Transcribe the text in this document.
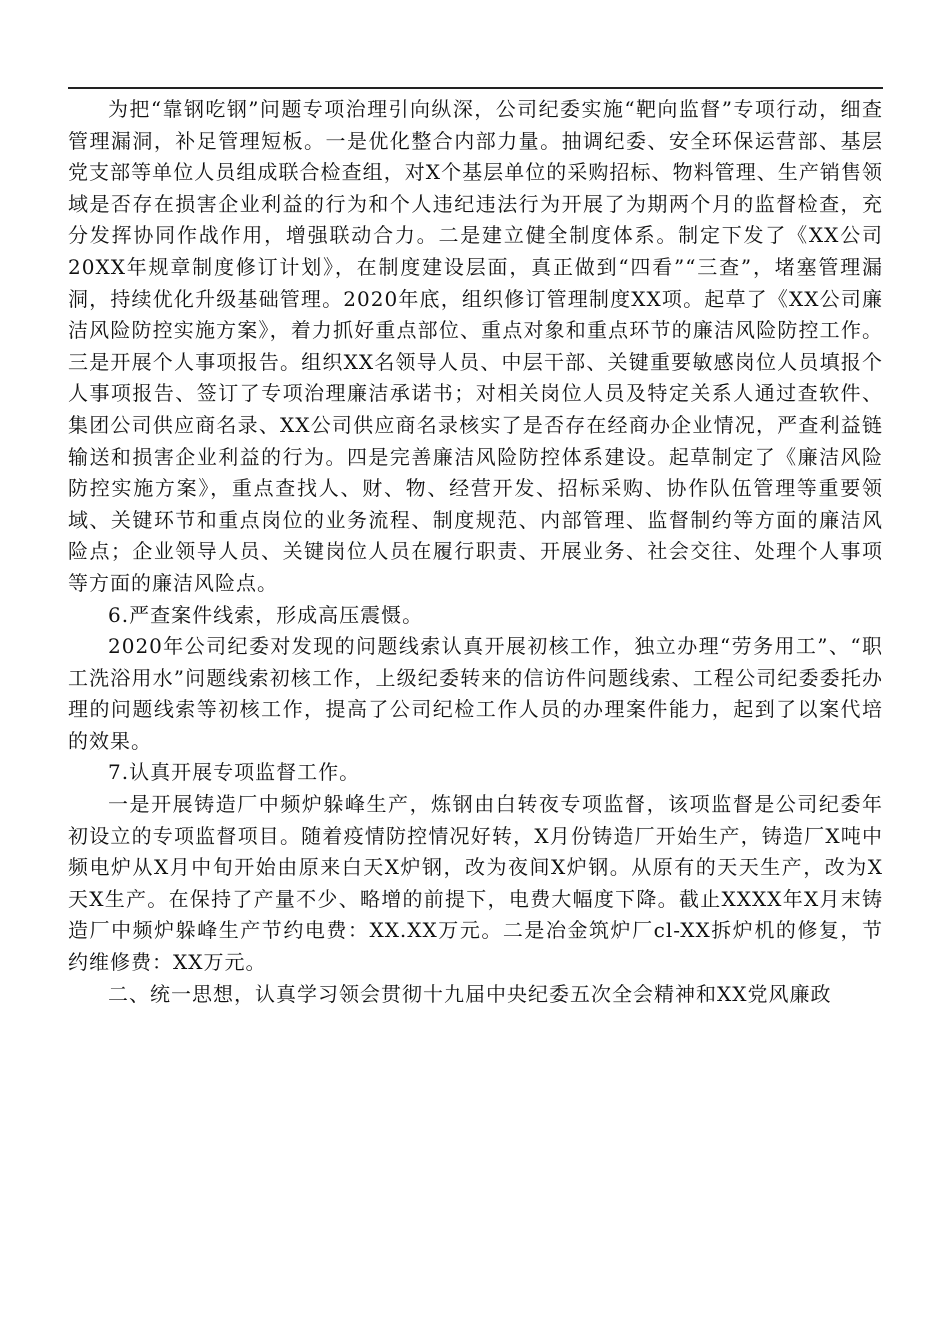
为把“靠钢吃钢”问题专项治理引向纵深，公司纪委实施“靶向监督”专项行动，细查管理漏洞，补足管理短板。一是优化整合内部力量。抽调纪委、安全环保运营部、基层党支部等单位人员组成联合检查组，对X个基层单位的采购招标、物料管理、生产销售领域是否存在损害企业利益的行为和个人违纪违法行为开展了为期两个月的监督检查，充分发挥协同作战作用，增强联动合力。二是建立健全制度体系。制定下发了《XX公司20XX年规章制度修订计划》，在制度建设层面，真正做到“四看”“三查”，堵塞管理漏洞，持续优化升级基础管理。2020年底，组织修订管理制度XX项。起草了《XX公司廉洁风险防控实施方案》，着力抓好重点部位、重点对象和重点环节的廉洁风险防控工作。三是开展个人事项报告。组织XX名领导人员、中层干部、关键重要敏感岗位人员填报个人事项报告、签订了专项治理廉洁承诺书；对相关岗位人员及特定关系人通过查软件、集团公司供应商名录、XX公司供应商名录核实了是否存在经商办企业情况，严查利益链输送和损害企业利益的行为。四是完善廉洁风险防控体系建设。起草制定了《廉洁风险防控实施方案》，重点查找人、财、物、经营开发、招标采购、协作队伍管理等重要领域、关键环节和重点岗位的业务流程、制度规范、内部管理、监督制约等方面的廉洁风险点；企业领导人员、关键岗位人员在履行职责、开展业务、社会交往、处理个人事项等方面的廉洁风险点。

6.严查案件线索，形成高压震慑。

2020年公司纪委对发现的问题线索认真开展初核工作，独立办理“劳务用工”、“职工洗浴用水”问题线索初核工作，上级纪委转来的信访件问题线索、工程公司纪委委托办理的问题线索等初核工作，提高了公司纪检工作人员的办理案件能力，起到了以案代培的效果。

7.认真开展专项监督工作。

一是开展铸造厂中频炉躲峰生产，炼钢由白转夜专项监督，该项监督是公司纪委年初设立的专项监督项目。随着疫情防控情况好转，X月份铸造厂开始生产，铸造厂X吨中频电炉从X月中旬开始由原来白天X炉钢，改为夜间X炉钢。从原有的天天生产，改为X天X生产。在保持了产量不少、略增的前提下，电费大幅度下降。截止XXXX年X月末铸造厂中频炉躲峰生产节约电费：XX.XX万元。二是冶金筑炉厂cl-XX拆炉机的修复，节约维修费：XX万元。

二、统一思想，认真学习领会贯彻十九届中央纪委五次全会精神和XX党风廉政
